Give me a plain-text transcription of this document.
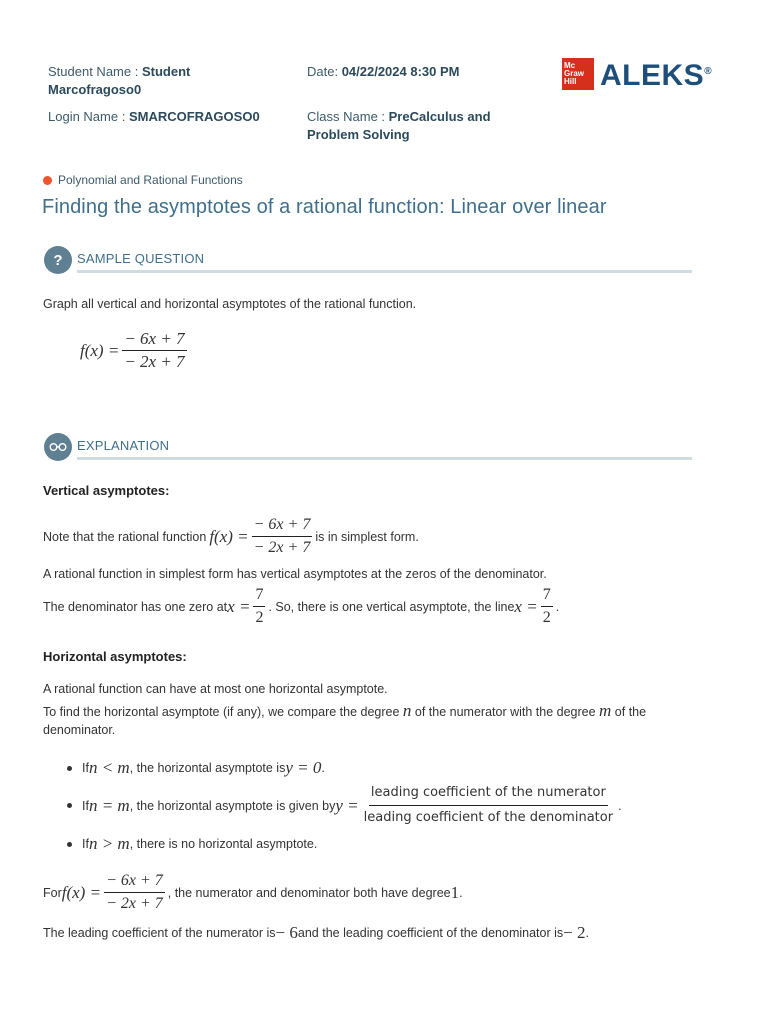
Student Name : Student
Marcofragoso0
Date: 04/22/2024 8:30 PM
Login Name : SMARCOFRAGOSO0	Class Name : PreCalculus and
Problem Solving
Mc
Graw
Hill ALEKS®
Polynomial and Rational Functions
Finding the asymptotes of a rational function: Linear over linear
?	SAMPLE QUESTION
Graph all vertical and horizontal asymptotes of the rational function.
$f(x) = \frac{- 6x + 7}{- 2x + 7}$
EXPLANATION
Vertical asymptotes:
Note that the rational function $f(x) = \frac{- 6x + 7}{- 2x + 7}$ is in simplest form.
A rational function in simplest form has vertical asymptotes at the zeros of the denominator.
The denominator has one zero at $x = \frac{7}{2}$ . So, there is one vertical asymptote, the line $x = \frac{7}{2}$ .
Horizontal asymptotes:
A rational function can have at most one horizontal asymptote.
To find the horizontal asymptote (if any), we compare the degree n of the numerator with the degree m of the
denominator.
If n < m , the horizontal asymptote is y = 0 .
If n = m , the horizontal asymptote is given by $y = \frac{\text{leading coefficient of the numerator}}{\text{leading coefficient of the denominator}}$ .
If n > m , there is no horizontal asymptote.
For $f(x) = \frac{- 6x + 7}{- 2x + 7}$ , the numerator and denominator both have degree 1 .
The leading coefficient of the numerator is − 6 and the leading coefficient of the denominator is − 2 .
